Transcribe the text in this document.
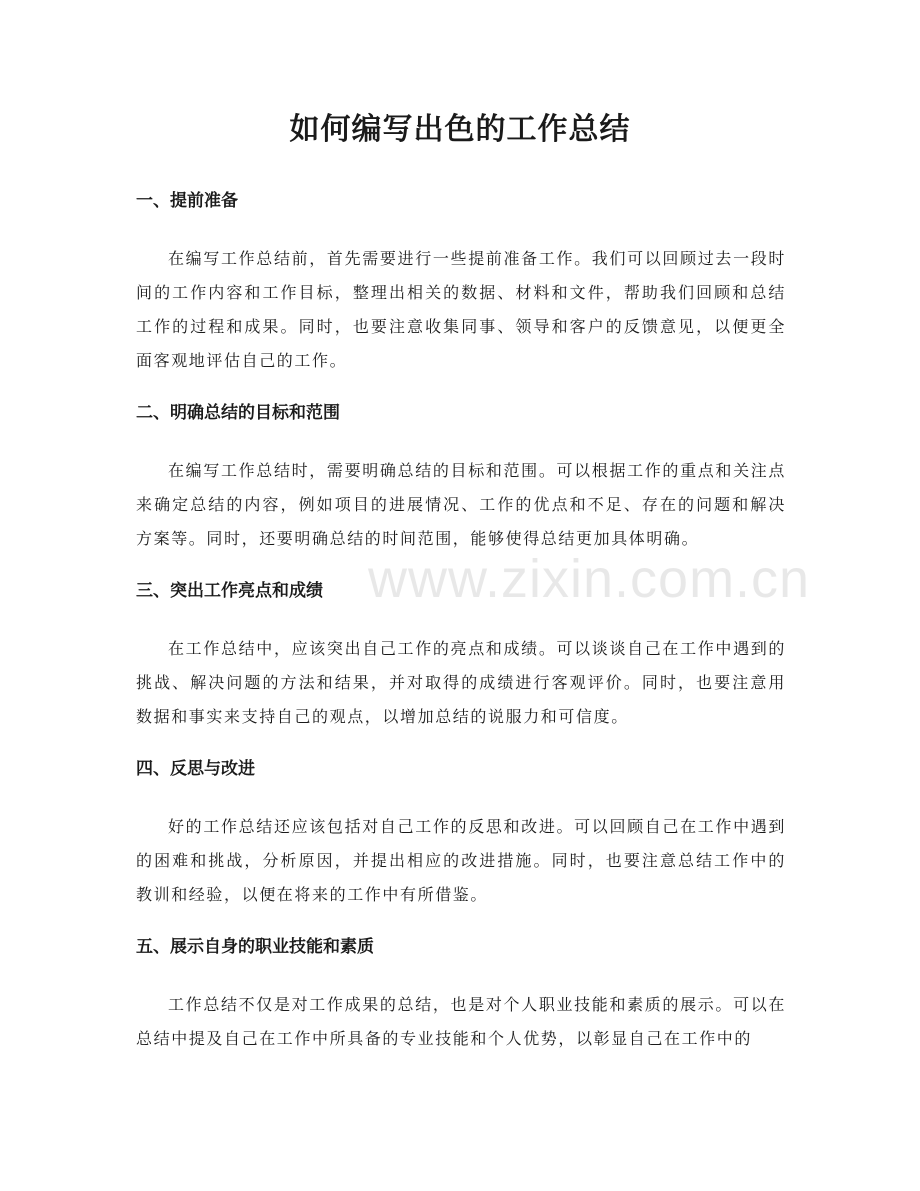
如何编写出色的工作总结
一、提前准备

在编写工作总结前，首先需要进行一些提前准备工作。我们可以回顾过去一段时间的工作内容和工作目标，整理出相关的数据、材料和文件，帮助我们回顾和总结工作的过程和成果。同时，也要注意收集同事、领导和客户的反馈意见，以便更全面客观地评估自己的工作。

二、明确总结的目标和范围

在编写工作总结时，需要明确总结的目标和范围。可以根据工作的重点和关注点来确定总结的内容，例如项目的进展情况、工作的优点和不足、存在的问题和解决方案等。同时，还要明确总结的时间范围，能够使得总结更加具体明确。

三、突出工作亮点和成绩

在工作总结中，应该突出自己工作的亮点和成绩。可以谈谈自己在工作中遇到的挑战、解决问题的方法和结果，并对取得的成绩进行客观评价。同时，也要注意用数据和事实来支持自己的观点，以增加总结的说服力和可信度。

四、反思与改进

好的工作总结还应该包括对自己工作的反思和改进。可以回顾自己在工作中遇到的困难和挑战，分析原因，并提出相应的改进措施。同时，也要注意总结工作中的教训和经验，以便在将来的工作中有所借鉴。

五、展示自身的职业技能和素质

工作总结不仅是对工作成果的总结，也是对个人职业技能和素质的展示。可以在总结中提及自己在工作中所具备的专业技能和个人优势，以彰显自己在工作中的

www.zixin.com.cn
